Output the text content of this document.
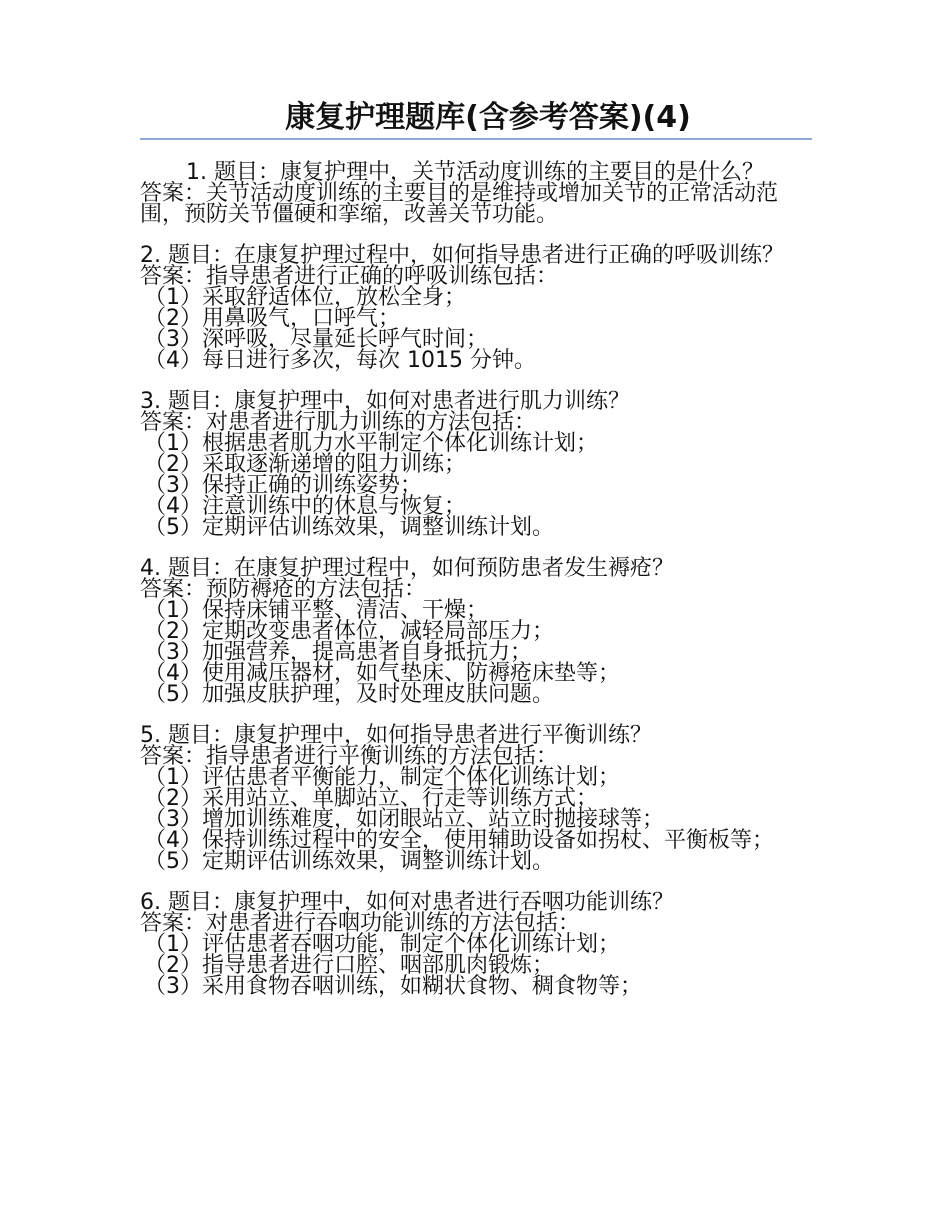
康复护理题库(含参考答案)(4)
1. 题目：康复护理中，关节活动度训练的主要目的是什么？
答案：关节活动度训练的主要目的是维持或增加关节的正常活动范围，预防关节僵硬和挛缩，改善关节功能。
2. 题目：在康复护理过程中，如何指导患者进行正确的呼吸训练？
答案：指导患者进行正确的呼吸训练包括：
（1）采取舒适体位，放松全身；
（2）用鼻吸气，口呼气；
（3）深呼吸，尽量延长呼气时间；
（4）每日进行多次，每次 1015 分钟。
3. 题目：康复护理中，如何对患者进行肌力训练？
答案：对患者进行肌力训练的方法包括：
（1）根据患者肌力水平制定个体化训练计划；
（2）采取逐渐递增的阻力训练；
（3）保持正确的训练姿势；
（4）注意训练中的休息与恢复；
（5）定期评估训练效果，调整训练计划。
4. 题目：在康复护理过程中，如何预防患者发生褥疮？
答案：预防褥疮的方法包括：
（1）保持床铺平整、清洁、干燥；
（2）定期改变患者体位，减轻局部压力；
（3）加强营养，提高患者自身抵抗力；
（4）使用减压器材，如气垫床、防褥疮床垫等；
（5）加强皮肤护理，及时处理皮肤问题。
5. 题目：康复护理中，如何指导患者进行平衡训练？
答案：指导患者进行平衡训练的方法包括：
（1）评估患者平衡能力，制定个体化训练计划；
（2）采用站立、单脚站立、行走等训练方式；
（3）增加训练难度，如闭眼站立、站立时抛接球等；
（4）保持训练过程中的安全，使用辅助设备如拐杖、平衡板等；
（5）定期评估训练效果，调整训练计划。
6. 题目：康复护理中，如何对患者进行吞咽功能训练？
答案：对患者进行吞咽功能训练的方法包括：
（1）评估患者吞咽功能，制定个体化训练计划；
（2）指导患者进行口腔、咽部肌肉锻炼；
（3）采用食物吞咽训练，如糊状食物、稠食物等；
